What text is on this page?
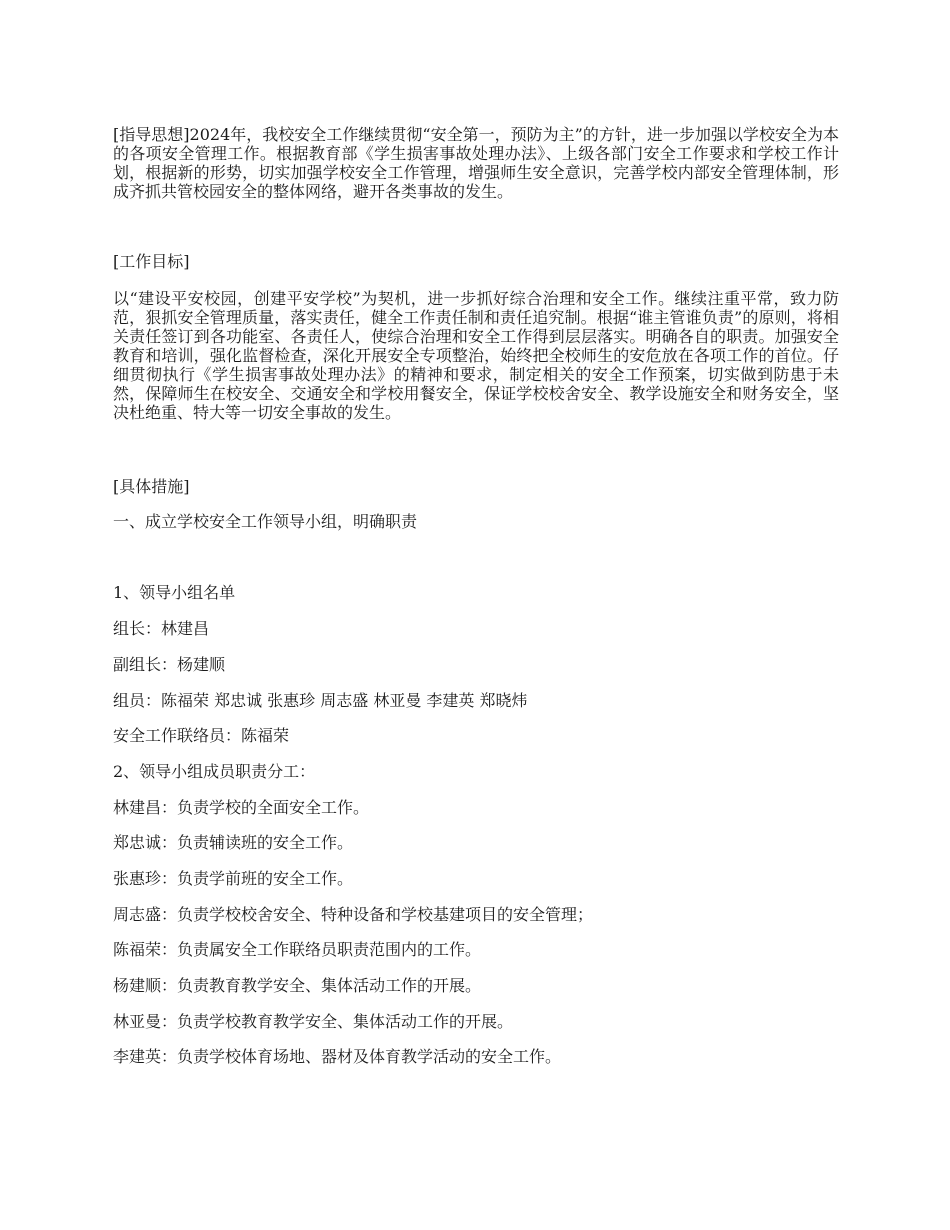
[指导思想]2024年，我校安全工作继续贯彻“安全第一，预防为主”的方针，进一步加强以学校安全为本的各项安全管理工作。根据教育部《学生损害事故处理办法》、上级各部门安全工作要求和学校工作计划，根据新的形势，切实加强学校安全工作管理，增强师生安全意识，完善学校内部安全管理体制，形成齐抓共管校园安全的整体网络，避开各类事故的发生。

[工作目标]

以“建设平安校园，创建平安学校”为契机，进一步抓好综合治理和安全工作。继续注重平常，致力防范，狠抓安全管理质量，落实责任，健全工作责任制和责任追究制。根据“谁主管谁负责”的原则，将相关责任签订到各功能室、各责任人，使综合治理和安全工作得到层层落实。明确各自的职责。加强安全教育和培训，强化监督检查，深化开展安全专项整治，始终把全校师生的安危放在各项工作的首位。仔细贯彻执行《学生损害事故处理办法》的精神和要求，制定相关的安全工作预案，切实做到防患于未然，保障师生在校安全、交通安全和学校用餐安全，保证学校校舍安全、教学设施安全和财务安全，坚决杜绝重、特大等一切安全事故的发生。

[具体措施]

一、成立学校安全工作领导小组，明确职责

1、领导小组名单

组长：林建昌

副组长：杨建顺

组员：陈福荣 郑忠诚 张惠珍 周志盛 林亚曼 李建英 郑晓炜

安全工作联络员：陈福荣

2、领导小组成员职责分工：

林建昌：负责学校的全面安全工作。

郑忠诚：负责辅读班的安全工作。

张惠珍：负责学前班的安全工作。

周志盛：负责学校校舍安全、特种设备和学校基建项目的安全管理；

陈福荣：负责属安全工作联络员职责范围内的工作。

杨建顺：负责教育教学安全、集体活动工作的开展。

林亚曼：负责学校教育教学安全、集体活动工作的开展。

李建英：负责学校体育场地、器材及体育教学活动的安全工作。
